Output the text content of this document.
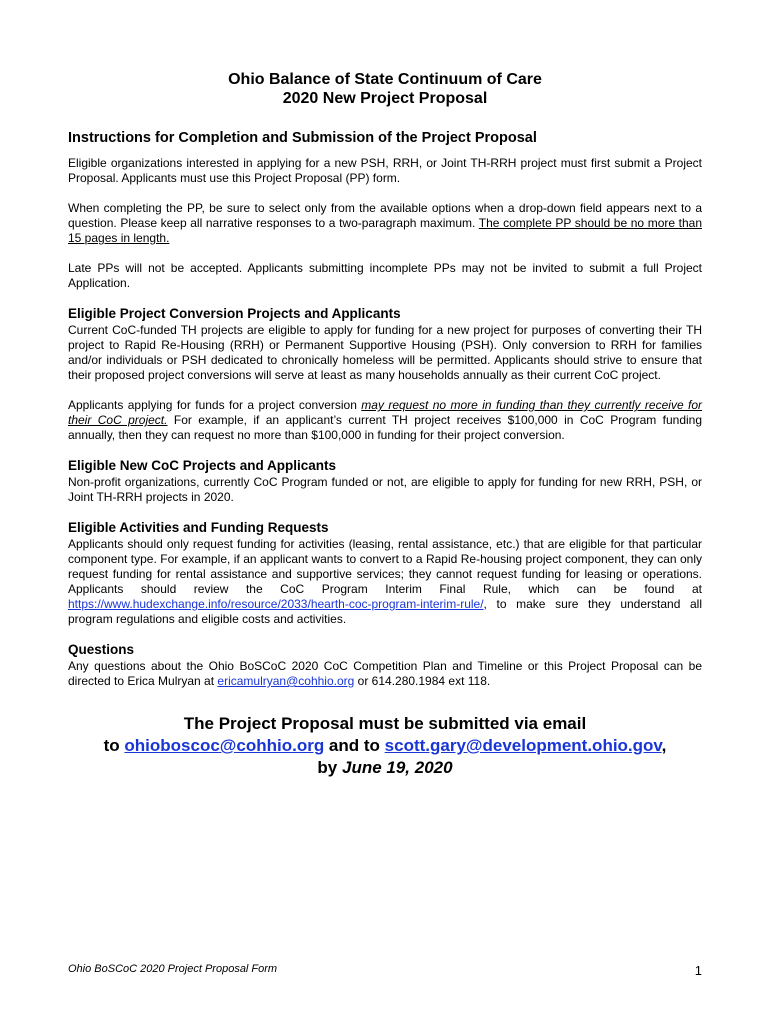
Ohio Balance of State Continuum of Care

2020 New Project Proposal

Instructions for Completion and Submission of the Project Proposal

Eligible organizations interested in applying for a new PSH, RRH, or Joint TH-RRH project must first submit a Project Proposal. Applicants must use this Project Proposal (PP) form.

When completing the PP, be sure to select only from the available options when a drop-down field appears next to a question. Please keep all narrative responses to a two-paragraph maximum. The complete PP should be no more than 15 pages in length.

Late PPs will not be accepted. Applicants submitting incomplete PPs may not be invited to submit a full Project Application.

Eligible Project Conversion Projects and Applicants

Current CoC-funded TH projects are eligible to apply for funding for a new project for purposes of converting their TH project to Rapid Re-Housing (RRH) or Permanent Supportive Housing (PSH). Only conversion to RRH for families and/or individuals or PSH dedicated to chronically homeless will be permitted. Applicants should strive to ensure that their proposed project conversions will serve at least as many households annually as their current CoC project.

Applicants applying for funds for a project conversion may request no more in funding than they currently receive for their CoC project. For example, if an applicant’s current TH project receives $100,000 in CoC Program funding annually, then they can request no more than $100,000 in funding for their project conversion.

Eligible New CoC Projects and Applicants

Non-profit organizations, currently CoC Program funded or not, are eligible to apply for funding for new RRH, PSH, or Joint TH-RRH projects in 2020.

Eligible Activities and Funding Requests

Applicants should only request funding for activities (leasing, rental assistance, etc.) that are eligible for that particular component type. For example, if an applicant wants to convert to a Rapid Re-housing project component, they can only request funding for rental assistance and supportive services; they cannot request funding for leasing or operations. Applicants should review the CoC Program Interim Final Rule, which can be found at https://www.hudexchange.info/resource/2033/hearth-coc-program-interim-rule/, to make sure they understand all program regulations and eligible costs and activities.

Questions

Any questions about the Ohio BoSCoC 2020 CoC Competition Plan and Timeline or this Project Proposal can be directed to Erica Mulryan at ericamulryan@cohhio.org or 614.280.1984 ext 118.

The Project Proposal must be submitted via email
to ohioboscoc@cohhio.org and to scott.gary@development.ohio.gov,
by June 19, 2020
Ohio BoSCoC 2020 Project Proposal Form	1
